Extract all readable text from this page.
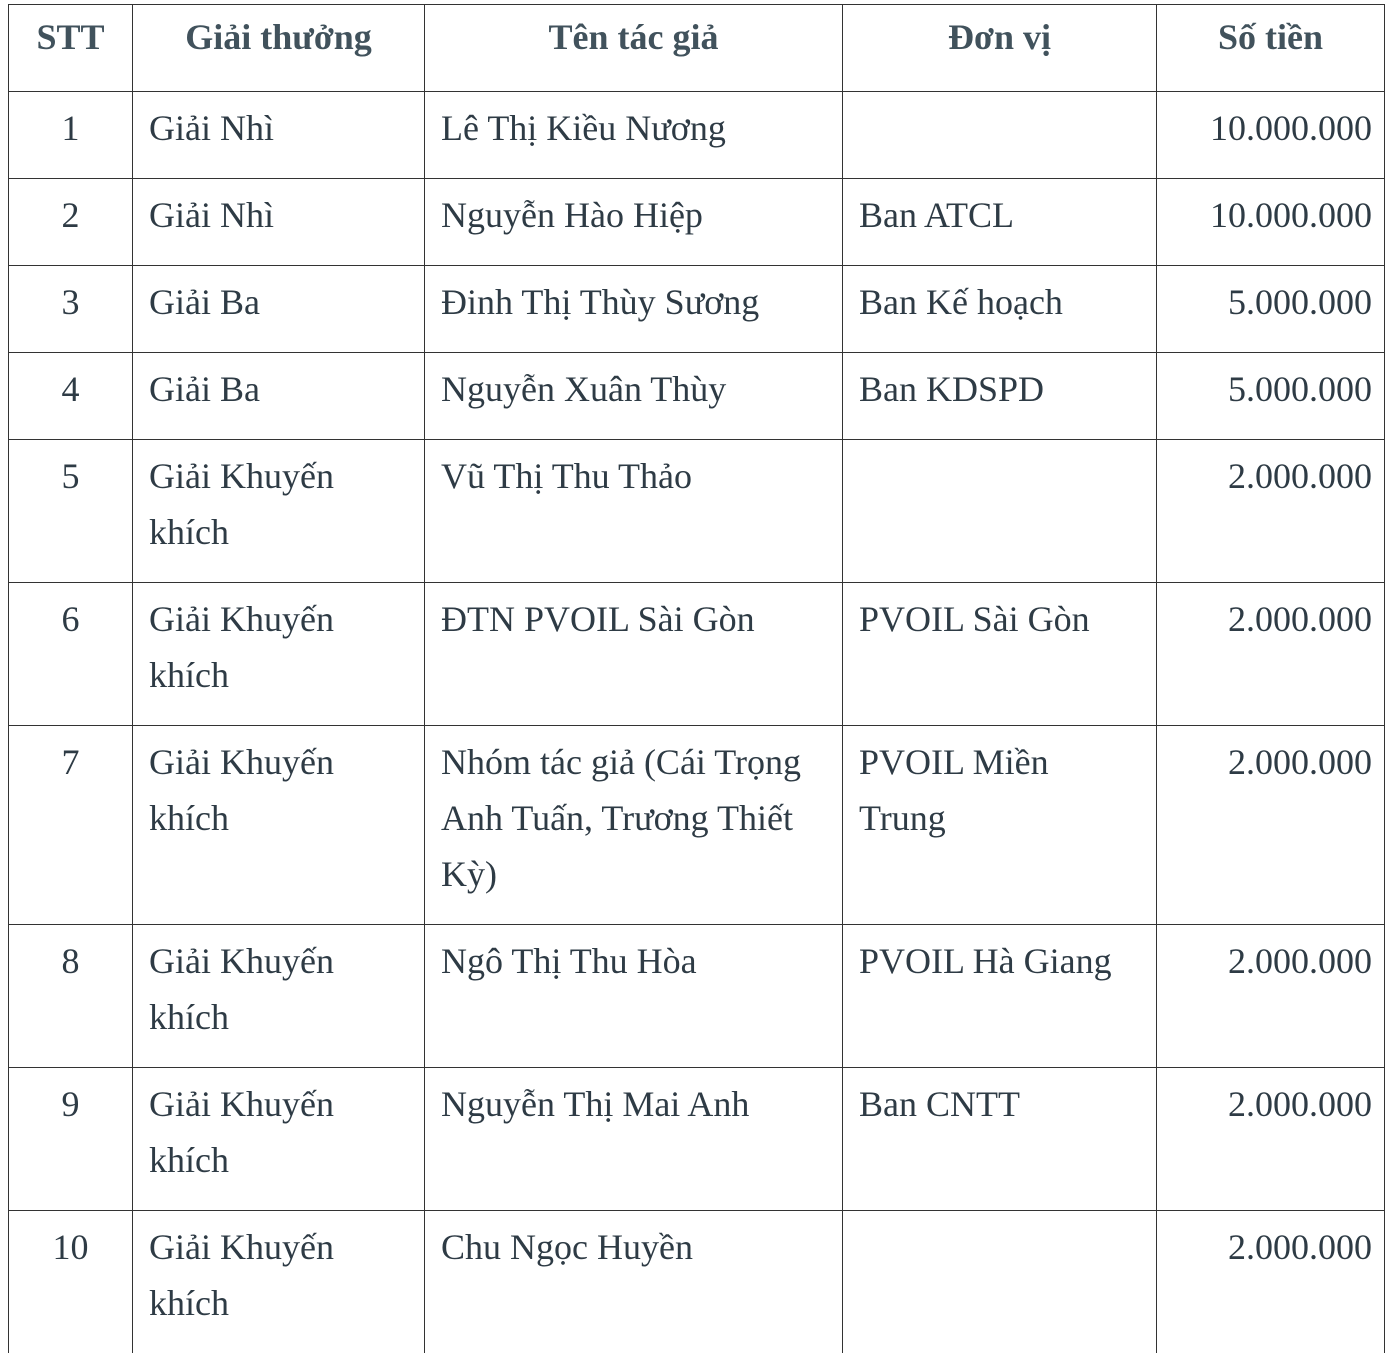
STT	Giải thưởng	Tên tác giả	Đơn vị	Số tiền
1	Giải Nhì	Lê Thị Kiều Nương		10.000.000
2	Giải Nhì	Nguyễn Hào Hiệp	Ban ATCL	10.000.000
3	Giải Ba	Đinh Thị Thùy Sương	Ban Kế hoạch	5.000.000
4	Giải Ba	Nguyễn Xuân Thùy	Ban KDSPD	5.000.000
5	Giải Khuyến khích	Vũ Thị Thu Thảo		2.000.000
6	Giải Khuyến khích	ĐTN PVOIL Sài Gòn	PVOIL Sài Gòn	2.000.000
7	Giải Khuyến khích	Nhóm tác giả (Cái Trọng Anh Tuấn, Trương Thiết Kỳ)	PVOIL Miền Trung	2.000.000
8	Giải Khuyến khích	Ngô Thị Thu Hòa	PVOIL Hà Giang	2.000.000
9	Giải Khuyến khích	Nguyễn Thị Mai Anh	Ban CNTT	2.000.000
10	Giải Khuyến khích	Chu Ngọc Huyền		2.000.000
